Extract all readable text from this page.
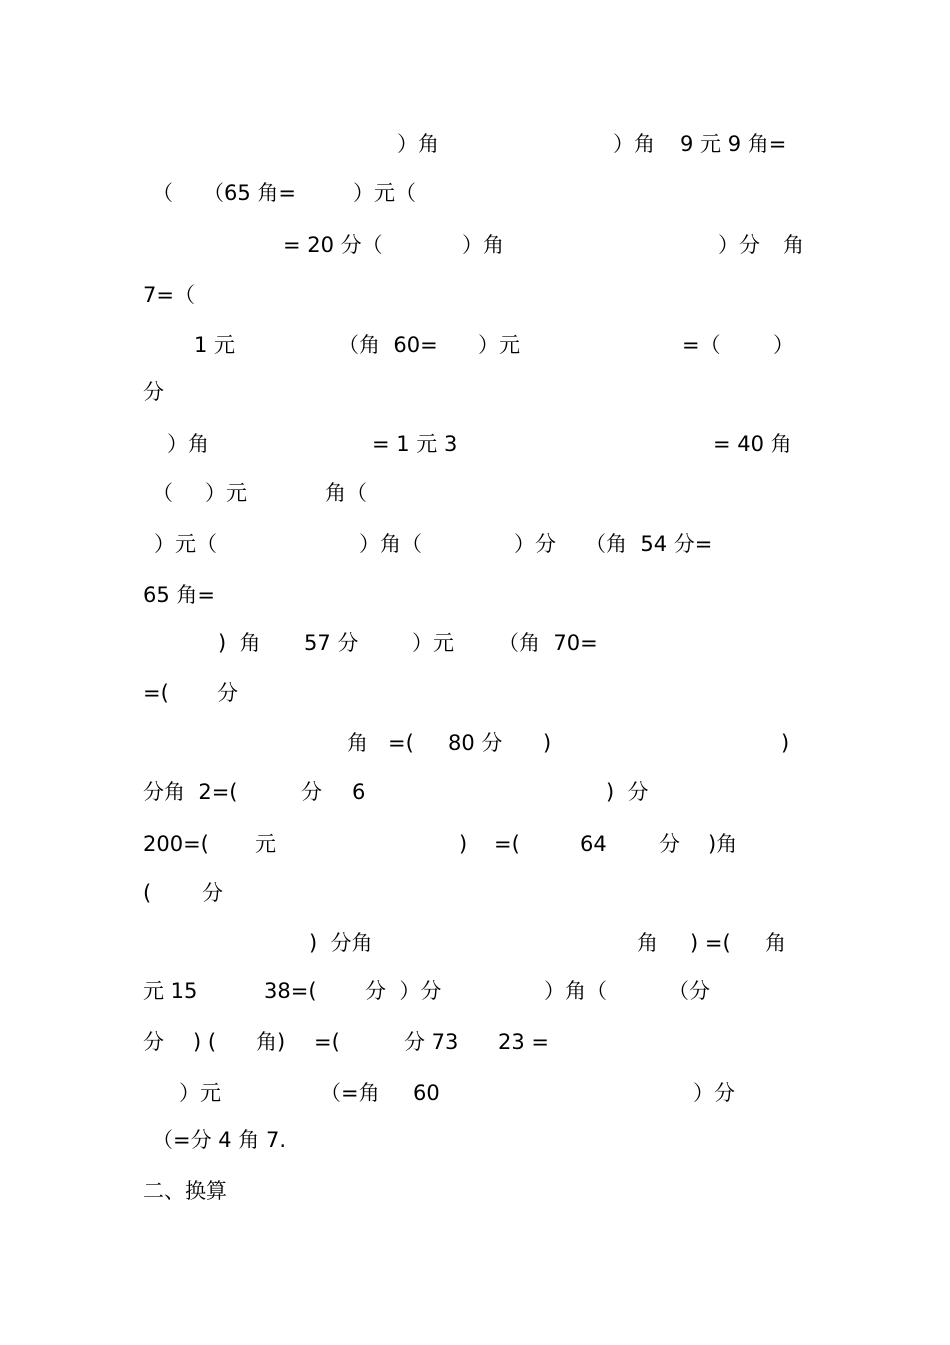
）角	）角 9 元 9 角=
（ （65 角=	）元（
= 20 分（	）角	）分 角
7=（
1 元	（角  60= ）元	=（ ）
分
）角	= 1 元 3	= 40 角
（ ）元	角（
）元（	）角（	）分 （角  54 分=
65 角=
)  角 57 分	）元 （角  70=
=( 分
角   =( 80 分 )	)
分角  2=(	分 6	)  分
200=( 元	) =(	64 分 )角
( 分
)  分角	角 ) =( 角
元 15	38=( 分  ）分	）角（	（分
分 ) ( 角) =(	分 73 23 =
）元	（=角 60	）分
（=分 4 角 7.
二、换算
